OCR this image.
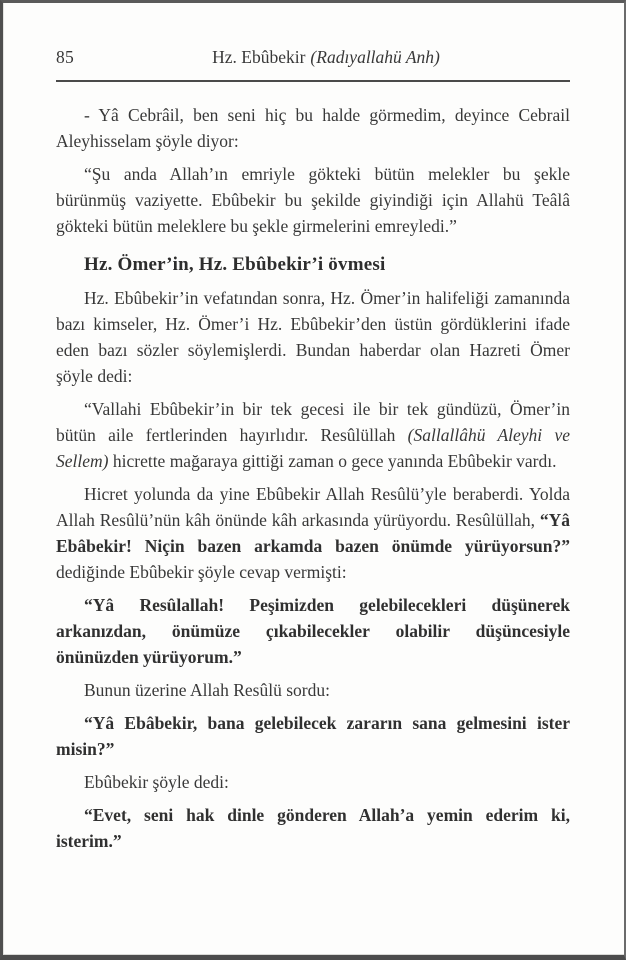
85	Hz. Ebûbekir (Radıyallahü Anh)

- Yâ Cebrâil, ben seni hiç bu halde görmedim, deyince Cebrail Aleyhisselam şöyle diyor:

“Şu anda Allah’ın emriyle gökteki bütün melekler bu şekle bürünmüş vaziyette. Ebûbekir bu şekilde giyindiği için Allahü Teâlâ gökteki bütün meleklere bu şekle girmelerini emreyledi.”

Hz. Ömer’in, Hz. Ebûbekir’i övmesi

Hz. Ebûbekir’in vefatından sonra, Hz. Ömer’in halifeliği zamanında bazı kimseler, Hz. Ömer’i Hz. Ebûbekir’den üstün gördüklerini ifade eden bazı sözler söylemişlerdi. Bundan haberdar olan Hazreti Ömer şöyle dedi:

“Vallahi Ebûbekir’in bir tek gecesi ile bir tek gündüzü, Ömer’in bütün aile fertlerinden hayırlıdır. Resûlüllah (Sallallâhü Aleyhi ve Sellem) hicrette mağaraya gittiği zaman o gece yanında Ebûbekir vardı.

Hicret yolunda da yine Ebûbekir Allah Resûlü’yle beraberdi. Yolda Allah Resûlü’nün kâh önünde kâh arkasında yürüyordu. Resûlüllah, “Yâ Ebâbekir! Niçin bazen arkamda bazen önümde yürüyorsun?” dediğinde Ebûbekir şöyle cevap vermişti:

“Yâ Resûlallah! Peşimizden gelebilecekleri düşünerek arkanızdan, önümüze çıkabilecekler olabilir düşüncesiyle önünüzden yürüyorum.”

Bunun üzerine Allah Resûlü sordu:

“Yâ Ebâbekir, bana gelebilecek zararın sana gelmesini ister misin?”

Ebûbekir şöyle dedi:

“Evet, seni hak dinle gönderen Allah’a yemin ederim ki, isterim.”
